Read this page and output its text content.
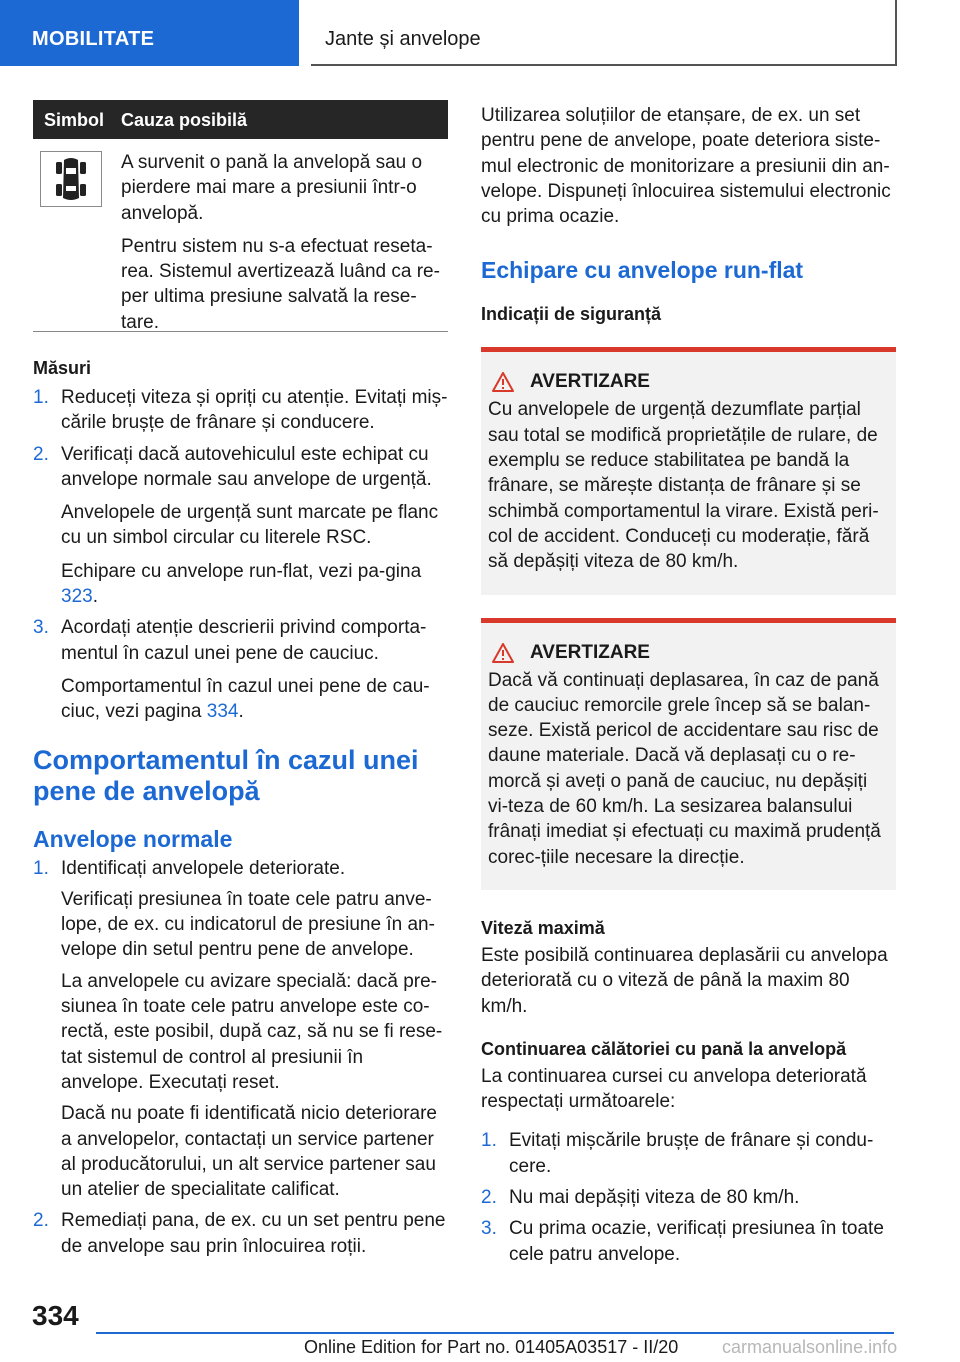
MOBILITATE	Jante și anvelope
Simbol Cauza posibilă

A survenit o pană la anvelopă sau o pierdere mai mare a presiunii într-o anvelopă.

Pentru sistem nu s-a efectuat reseta-rea. Sistemul avertizează luând ca re-per ultima presiune salvată la rese-tare.

Măsuri

1. Reduceți viteza și opriți cu atenție. Evitați miș-cările brușțe de frânare și conducere.

2. Verificați dacă autovehiculul este echipat cu anvelope normale sau anvelope de urgență.

Anvelopele de urgență sunt marcate pe flanc cu un simbol circular cu literele RSC.

Echipare cu anvelope run-flat, vezi pa-gina 323.

3. Acordați atenție descrierii privind comporta-mentul în cazul unei pene de cauciuc.

Comportamentul în cazul unei pene de cau-ciuc, vezi pagina 334.

Comportamentul în cazul unei pene de anvelopă
Anvelope normale

1. Identificați anvelopele deteriorate.

Verificați presiunea în toate cele patru anve-lope, de ex. cu indicatorul de presiune în an-velope din setul pentru pene de anvelope.

La anvelopele cu avizare specială: dacă pre-siunea în toate cele patru anvelope este co-rectă, este posibil, după caz, să nu se fi rese-tat sistemul de control al presiunii în anvelope. Executați reset.

Dacă nu poate fi identificată nicio deteriorare a anvelopelor, contactați un service partener al producătorului, un alt service partener sau un atelier de specialitate calificat.

2. Remediați pana, de ex. cu un set pentru pene de anvelope sau prin înlocuirea roții.

Utilizarea soluțiilor de etanșare, de ex. un set pentru pene de anvelope, poate deteriora siste-mul electronic de monitorizare a presiunii din an-velope. Dispuneți înlocuirea sistemului electronic cu prima ocazie.

Echipare cu anvelope run-flat
Indicații de siguranță
AVERTIZARE

Cu anvelopele de urgență dezumflate parțial sau total se modifică proprietățile de rulare, de exemplu se reduce stabilitatea pe bandă la frânare, se mărește distanța de frânare și se schimbă comportamentul la virare. Există peri-col de accident. Conduceți cu moderație, fără să depășiți viteza de 80 km/h.

AVERTIZARE

Dacă vă continuați deplasarea, în caz de pană de cauciuc remorcile grele încep să se balan-seze. Există pericol de accidentare sau risc de daune materiale. Dacă vă deplasați cu o re-morcă și aveți o pană de cauciuc, nu depășiți vi-teza de 60 km/h. La sesizarea balansului frânați imediat și efectuați cu maximă prudență corec-țiile necesare la direcție.

Viteză maximă

Este posibilă continuarea deplasării cu anvelopa deteriorată cu o viteză de până la maxim 80 km/h.

Continuarea călătoriei cu pană la anvelopă

La continuarea cursei cu anvelopa deteriorată respectați următoarele:

1. Evitați mișcările brușțe de frânare și condu-cere.

2. Nu mai depășiți viteza de 80 km/h.

3. Cu prima ocazie, verificați presiunea în toate cele patru anvelope.

334
Online Edition for Part no. 01405A03517 - II/20 carmanualsonline.info
